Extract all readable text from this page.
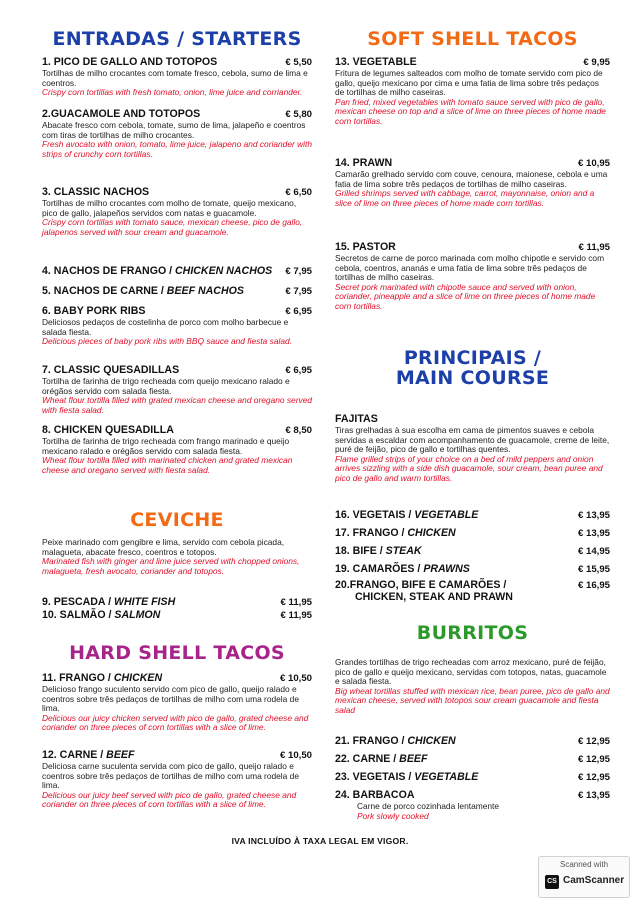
ENTRADAS / STARTERS
1. PICO DE GALLO AND TOTOPOS	€ 5,50
Tortilhas de milho crocantes com tomate fresco, cebola, sumo de lima e coentros.
Crispy corn tortillas with fresh tomato, onion, lime juice and corriander.
2.GUACAMOLE AND TOTOPOS	€ 5,80
Abacate fresco com cebola, tomate, sumo de lima, jalapeño e coentros com tiras de tortilhas de milho crocantes.
Fresh avocato with onion, tomato, lime juice, jalapeno and coriander with strips of crunchy corn tortillas.
3. CLASSIC NACHOS	€ 6,50
Tortilhas de milho crocantes com molho de tomate, queijo mexicano, pico de gallo, jalapeños servidos com natas e guacamole.
Crispy corn tortillas with tomato sauce, mexican cheese, pico de gallo, jalapenos served with sour cream and guacamole.
4. NACHOS DE FRANGO / CHICKEN NACHOS € 7,95
5. NACHOS DE CARNE / BEEF NACHOS	€ 7,95
6. BABY PORK RIBS	€ 6,95
Deliciosos pedaços de costelinha de porco com molho barbecue e salada fiesta.
Delicious pieces of baby pork ribs with BBQ sauce and fiesta salad.
7. CLASSIC QUESADILLAS	€ 6,95
Tortilha de farinha de trigo recheada com queijo mexicano ralado e orégãos servido com salada fiesta.
Wheat flour tortilla filled with grated mexican cheese and oregano served with fiesta salad.
8. CHICKEN QUESADILLA	€ 8,50
Tortilha de farinha de trigo recheada com frango marinado e queijo mexicano ralado e orégãos servido com salada fiesta.
Wheat flour tortilla filled with marinated chicken and grated mexican cheese and oregano served with fiesta salad.
CEVICHE
Peixe marinado com gengibre e lima, servido com cebola picada, malagueta, abacate fresco, coentros e totopos.
Marinated fish with ginger and lime juice served with chopped onions, malagueta, fresh avocato, coriander and totopos.
9. PESCADA / WHITE FISH	€ 11,95
10. SALMÃO / SALMON	€ 11,95
HARD SHELL TACOS
11. FRANGO / CHICKEN	€ 10,50
Delicioso frango suculento servido com pico de gallo, queijo ralado e coentros sobre três pedaços de tortilhas de milho com uma rodela de lima.
Delicious our juicy chicken served with pico de gallo, grated cheese and coriander on three pieces of corn tortillas with a slice of lime.
12. CARNE / BEEF	€ 10,50
Deliciosa carne suculenta servida com pico de gallo, queijo ralado e coentros sobre três pedaços de tortilhas de milho com uma rodela de lima.
Delicious our juicy beef served with pico de gallo, grated cheese and coriander on three pieces of corn tortillas with a slice of lime.
SOFT SHELL TACOS
13. VEGETABLE	€ 9,95
Fritura de legumes salteados com molho de tomate servido com pico de gallo, queijo mexicano por cima e uma fatia de lima sobre três pedaços de tortilhas de milho caseiras.
Pan fried, mixed vegetables with tomato sauce served with pico de gallo, mexican cheese on top and a slice of lime on three pieces of home made corn tortillas.
14. PRAWN	€ 10,95
Camarão grelhado servido com couve, cenoura, maionese, cebola e uma fatia de lima sobre três pedaços de tortilhas de milho caseiras.
Grilled shrimps served with cabbage, carrot, mayonnaise, onion and a slice of lime on three pieces of home made corn tortillas.
15. PASTOR	€ 11,95
Secretos de carne de porco marinada com molho chipotle e servido com cebola, coentros, ananás e uma fatia de lima sobre três pedaços de tortilhas de milho caseiras.
Secret pork marinated with chipotle sauce and served with onion, coriander, pineapple and a slice of lime on three pieces of home made corn tortillas.
PRINCIPAIS /
MAIN COURSE
FAJITAS
Tiras grelhadas à sua escolha em cama de pimentos suaves e cebola servidas a escaldar com acompanhamento de guacamole, creme de leite, puré de feijão, pico de gallo e tortilhas quentes.
Flame grilled strips of your choice on a bed of mild peppers and onion arrives sizzling with a side dish guacamole, sour cream, bean puree and pico de gallo and warm tortillas.
16. VEGETAIS / VEGETABLE	€ 13,95
17. FRANGO / CHICKEN	€ 13,95
18. BIFE / STEAK	€ 14,95
19. CAMARÕES / PRAWNS	€ 15,95
20.FRANGO, BIFE E CAMARÕES /	€ 16,95
CHICKEN, STEAK AND PRAWN
BURRITOS
Grandes tortilhas de trigo recheadas com arroz mexicano, puré de feijão, pico de gallo e queijo mexicano, servidas com totopos, natas, guacamole e salada fiesta.
Big wheat tortillas stuffed with mexican rice, bean puree, pico de gallo and mexican cheese, served with totopos sour cream guacamole and fiesta salad
21. FRANGO / CHICKEN	€ 12,95
22. CARNE / BEEF	€ 12,95
23. VEGETAIS / VEGETABLE	€ 12,95
24. BARBACOA	€ 13,95
Carne de porco cozinhada lentamente
Pork slowly cooked
IVA INCLUÍDO À TAXA LEGAL EM VIGOR.
Scanned with
CS CamScanner
